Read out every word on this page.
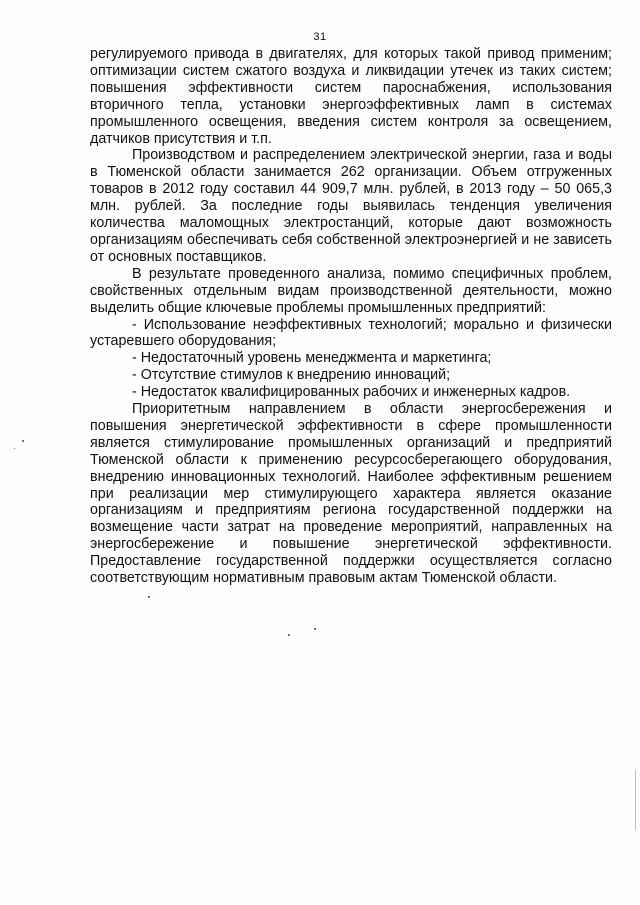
31

регулируемого привода в двигателях, для которых такой привод применим; оптимизации систем сжатого воздуха и ликвидации утечек из таких систем; повышения эффективности систем пароснабжения, использования вторичного тепла, установки энергоэффективных ламп в системах промышленного освещения, введения систем контроля за освещением, датчиков присутствия и т.п.

Производством и распределением электрической энергии, газа и воды в Тюменской области занимается 262 организации. Объем отгруженных товаров в 2012 году составил 44 909,7 млн. рублей, в 2013 году – 50 065,3 млн. рублей. За последние годы выявилась тенденция увеличения количества маломощных электростанций, которые дают возможность организациям обеспечивать себя собственной электроэнергией и не зависеть от основных поставщиков.

В результате проведенного анализа, помимо специфичных проблем, свойственных отдельным видам производственной деятельности, можно выделить общие ключевые проблемы промышленных предприятий:

- Использование неэффективных технологий; морально и физически устаревшего оборудования;

- Недостаточный уровень менеджмента и маркетинга;

- Отсутствие стимулов к внедрению инноваций;

- Недостаток квалифицированных рабочих и инженерных кадров.

Приоритетным направлением в области энергосбережения и повышения энергетической эффективности в сфере промышленности является стимулирование промышленных организаций и предприятий Тюменской области к применению ресурсосберегающего оборудования, внедрению инновационных технологий. Наиболее эффективным решением при реализации мер стимулирующего характера является оказание организациям и предприятиям региона государственной поддержки на возмещение части затрат на проведение мероприятий, направленных на энергосбережение и повышение энергетической эффективности. Предоставление государственной поддержки осуществляется согласно соответствующим нормативным правовым актам Тюменской области.
